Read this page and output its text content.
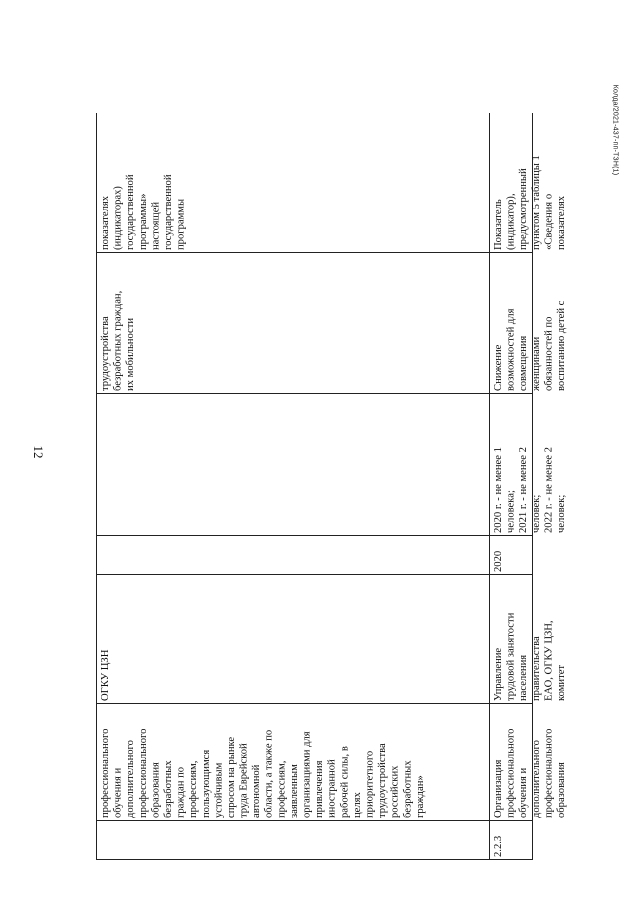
12
Колда/2021-437-пп-ТЗН(1)
профессионального
обучения и
дополнительного
профессионального
образования
безработных
граждан по
профессиям,
пользующимся
устойчивым
спросом на рынке
труда Еврейской
автономной
области, а также по
профессиям,
заявленным
организациями для
привлечения
иностранной
рабочей силы, в
целях
приоритетного
трудоустройства
российских
безработных
граждан»
ОГКУ ЦЗН
трудоустройства
безработных граждан,
их мобильности
показателях
(индикаторах)
государственной
программы»
настоящей
государственной
программы
2.2.3
Организация
профессионального
обучения и
дополнительного
профессионального
образования
Управление
трудовой занятости
населения
правительства
ЕАО, ОГКУ ЦЗН,
комитет
2020
2020 г. - не менее 1
человека;
2021 г. - не менее 2
человек;
2022 г. - не менее 2
человек;
Снижение
возможностей для
совмещения
женщинами
обязанностей по
воспитанию детей с
Показатель
(индикатор),
предусмотренный
пунктом 5 таблицы 1
«Сведения о
показателях
